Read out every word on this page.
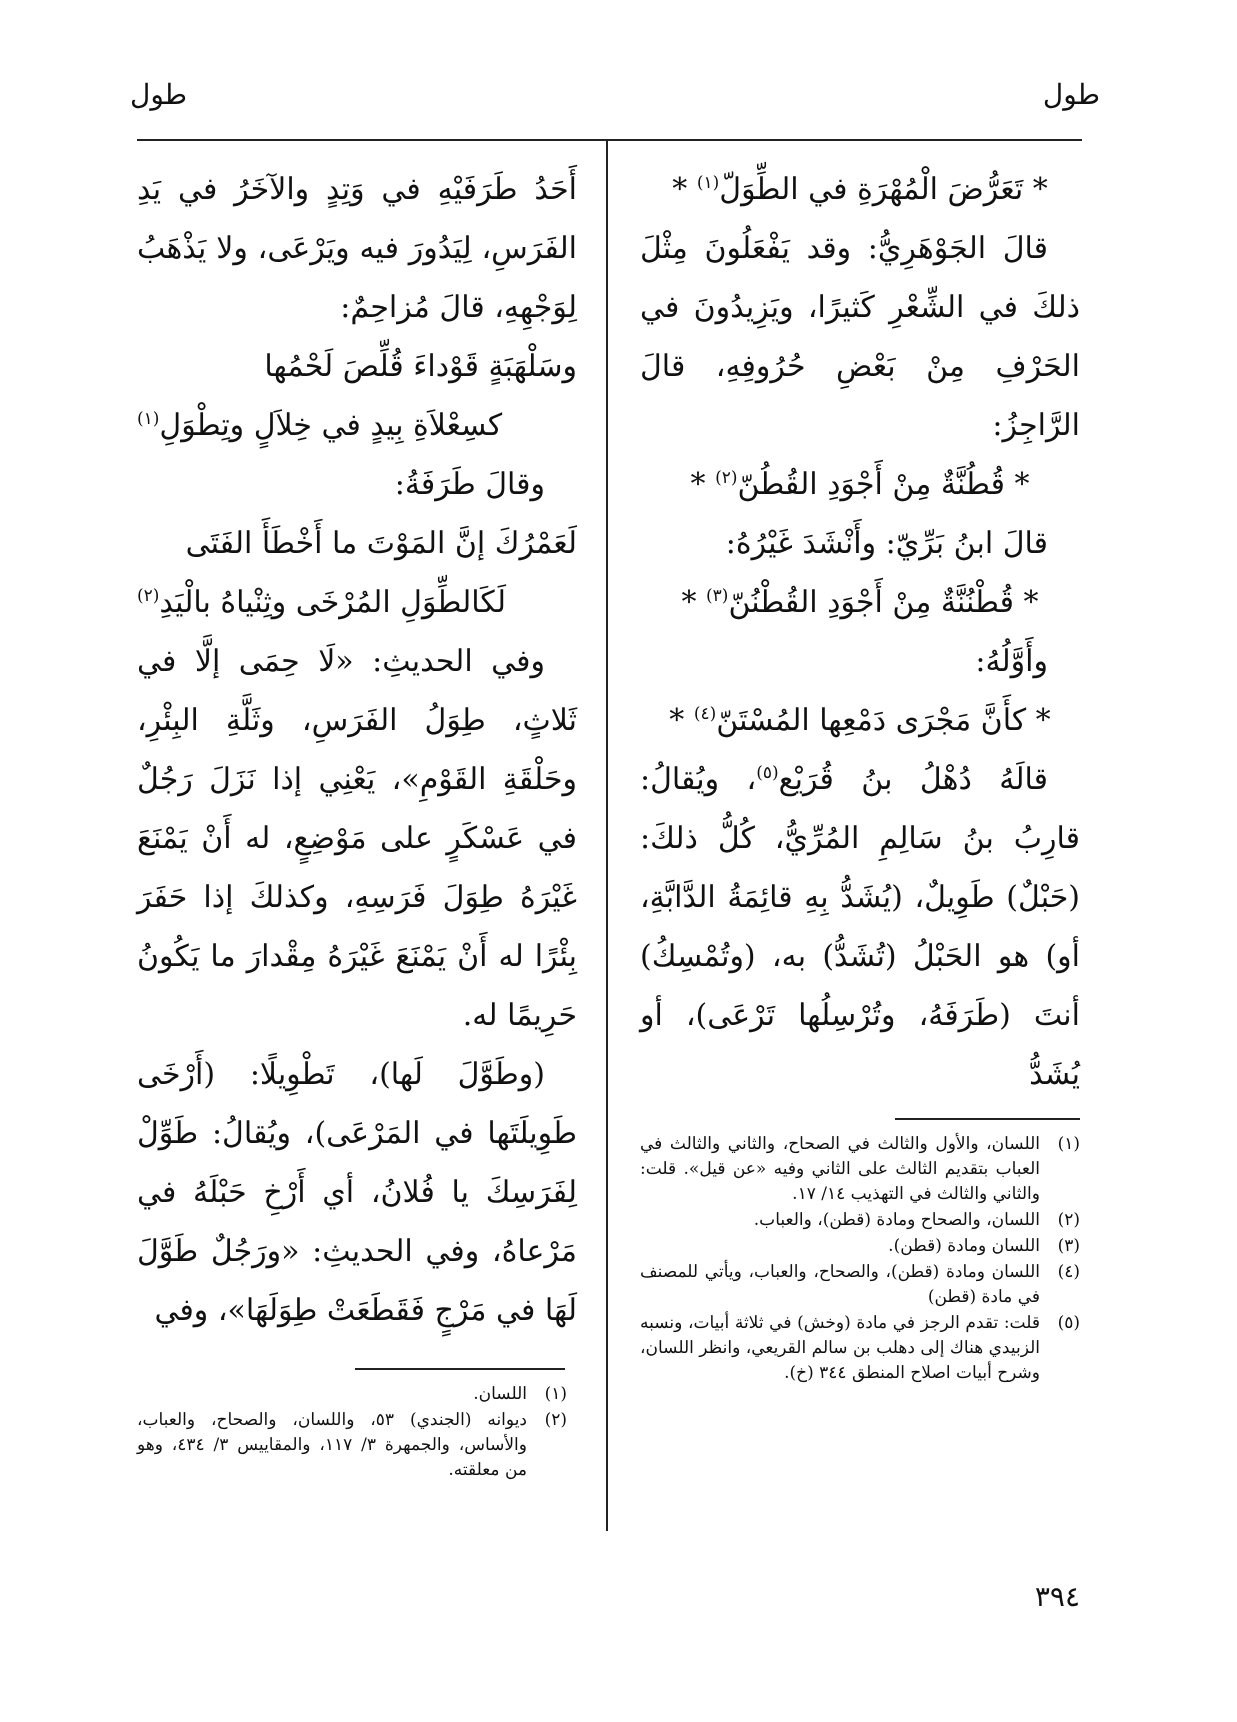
طول
طول

* تَعَرُّضَ الْمُهْرَةِ في الطِّوَلّ$^{(١)}$ *

قالَ الجَوْهَرِيُّ: وقد يَفْعَلُونَ مِثْلَ ذلكَ في الشِّعْرِ كَثيرًا، ويَزِيدُونَ في الحَرْفِ مِنْ بَعْضِ حُرُوفِهِ، قالَ الرَّاجِزُ:

* قُطُنَّةٌ مِنْ أَجْوَدِ القُطُنّ$^{(٢)}$ *

قالَ ابنُ بَرِّيّ: وأَنْشَدَ غَيْرُهُ:

* قُطْنُنَّةٌ مِنْ أَجْوَدِ القُطْنُنّ$^{(٣)}$ *

وأَوَّلُهُ:

* كأَنَّ مَجْرَى دَمْعِها المُسْتَنّ$^{(٤)}$ *

قالَهُ دُهْلُ بنُ قُرَيْع$^{(٥)}$، ويُقالُ: قارِبُ بنُ سَالِمِ المُرِّيُّ، كُلُّ ذلكَ: (حَبْلٌ) طَوِيلٌ، (يُشَدُّ بِهِ قائِمَةُ الدَّابَّةِ، أو) هو الحَبْلُ (تُشَدُّ) به، (وتُمْسِكُ) أنتَ (طَرَفَهُ، وتُرْسِلُها تَرْعَى)، أو يُشَدُّ

أَحَدُ طَرَفَيْهِ في وَتِدٍ والآخَرُ في يَدِ الفَرَسِ، لِيَدُورَ فيه ويَرْعَى، ولا يَذْهَبُ لِوَجْهِهِ، قالَ مُزاحِمٌ:

وسَلْهَبَةٍ قَوْداءَ قُلِّصَ لَحْمُها

كسِعْلاَةِ بِيدٍ في خِلاَلٍ وتِطْوَلِ$^{(١)}$

وقالَ طَرَفَةُ:

لَعَمْرُكَ إنَّ المَوْتَ ما أَخْطَأَ الفَتَى

لَكَالطِّوَلِ المُرْخَى وثِنْياهُ بالْيَدِ$^{(٢)}$

وفي الحديثِ: «لَا حِمَى إلَّا في ثَلاثٍ، طِوَلُ الفَرَسِ، وثَلَّةِ البِئْرِ، وحَلْقَةِ القَوْمِ»، يَعْنِي إذا نَزَلَ رَجُلٌ في عَسْكَرٍ على مَوْضِعٍ، له أَنْ يَمْنَعَ غَيْرَهُ طِوَلَ فَرَسِهِ، وكذلكَ إذا حَفَرَ بِئْرًا له أَنْ يَمْنَعَ غَيْرَهُ مِقْدارَ ما يَكُونُ حَرِيمًا له.

(وطَوَّلَ لَها)، تَطْوِيلًا: (أَرْخَى طَوِيلَتَها في المَرْعَى)، ويُقالُ: طَوِّلْ لِفَرَسِكَ يا فُلانُ، أي أَرْخِ حَبْلَهُ في مَرْعاهُ، وفي الحديثِ: «ورَجُلٌ طَوَّلَ لَهَا في مَرْجٍ فَقَطَعَتْ طِوَلَهَا»، وفي

(١)
اللسان، والأول والثالث في الصحاح، والثاني والثالث في العباب بتقديم الثالث على الثاني وفيه «عن قيل». قلت: والثاني والثالث في التهذيب ١٤/ ١٧.
(٢)
اللسان، والصحاح ومادة (قطن)، والعباب.
(٣)
اللسان ومادة (قطن).
(٤)
اللسان ومادة (قطن)، والصحاح، والعباب، ويأتي للمصنف في مادة (قطن)
(٥)
قلت: تقدم الرجز في مادة (وخش) في ثلاثة أبيات، ونسبه الزبيدي هناك إلى دهلب بن سالم القريعي، وانظر اللسان، وشرح أبيات اصلاح المنطق ٣٤٤ (خ).
(١)
اللسان.
(٢)
ديوانه (الجندي) ٥٣، واللسان، والصحاح، والعباب، والأساس، والجمهرة ٣/ ١١٧، والمقاييس ٣/ ٤٣٤، وهو من معلقته.
٣٩٤
